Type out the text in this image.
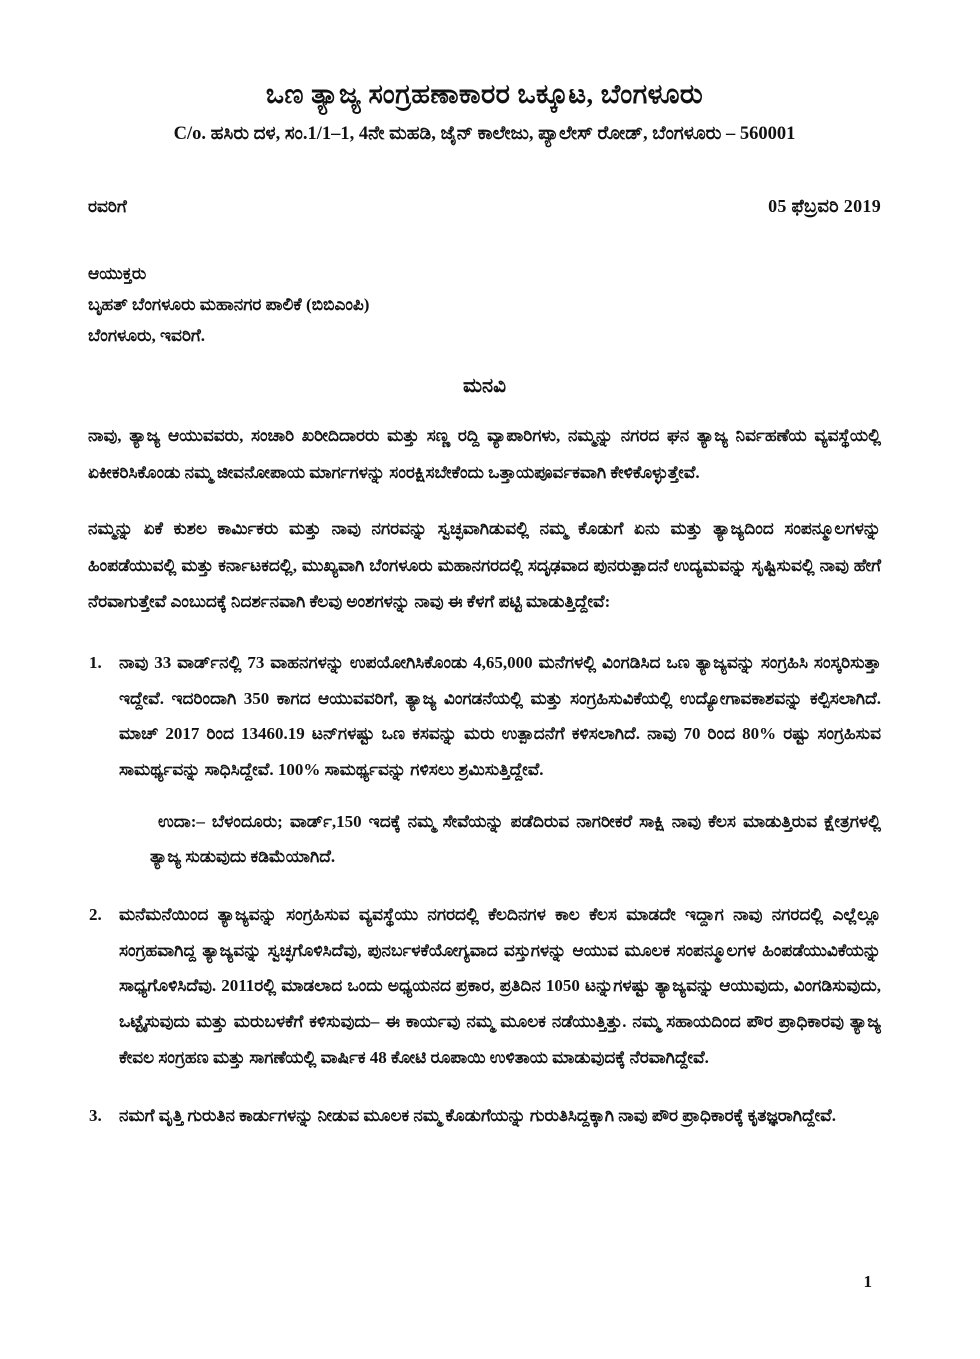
ಒಣ ತ್ಯಾಜ್ಯ ಸಂಗ್ರಹಣಾಕಾರರ ಒಕ್ಕೂಟ, ಬೆಂಗಳೂರು
C/o. ಹಸಿರು ದಳ, ಸಂ.1/1–1, 4ನೇ ಮಹಡಿ, ಜೈನ್ ಕಾಲೇಜು, ಪ್ಯಾಲೇಸ್ ರೋಡ್, ಬೆಂಗಳೂರು – 560001
ರವರಿಗೆ	05 ಫೆಬ್ರವರಿ 2019
ಆಯುಕ್ತರು
ಬೃಹತ್ ಬೆಂಗಳೂರು ಮಹಾನಗರ ಪಾಲಿಕೆ (ಬಿಬಿಎಂಪಿ)
ಬೆಂಗಳೂರು, ಇವರಿಗೆ.
ಮನವಿ
ನಾವು, ತ್ಯಾಜ್ಯ ಆಯುವವರು, ಸಂಚಾರಿ ಖರೀದಿದಾರರು ಮತ್ತು ಸಣ್ಣ ರದ್ದಿ ವ್ಯಾಪಾರಿಗಳು, ನಮ್ಮನ್ನು ನಗರದ ಘನ ತ್ಯಾಜ್ಯ ನಿರ್ವಹಣೆಯ ವ್ಯವಸ್ಥೆಯಲ್ಲಿ ಏಕೀಕರಿಸಿಕೊಂಡು ನಮ್ಮ ಜೀವನೋಪಾಯ ಮಾರ್ಗಗಳನ್ನು ಸಂರಕ್ಷಿಸಬೇಕೆಂದು ಒತ್ತಾಯಪೂರ್ವಕವಾಗಿ ಕೇಳಿಕೊಳ್ಳುತ್ತೇವೆ.
ನಮ್ಮನ್ನು ಏಕೆ ಕುಶಲ ಕಾರ್ಮಿಕರು ಮತ್ತು ನಾವು ನಗರವನ್ನು ಸ್ವಚ್ಛವಾಗಿಡುವಲ್ಲಿ ನಮ್ಮ ಕೊಡುಗೆ ಏನು ಮತ್ತು ತ್ಯಾಜ್ಯದಿಂದ ಸಂಪನ್ಮೂಲಗಳನ್ನು ಹಿಂಪಡೆಯುವಲ್ಲಿ ಮತ್ತು ಕರ್ನಾಟಕದಲ್ಲಿ, ಮುಖ್ಯವಾಗಿ ಬೆಂಗಳೂರು ಮಹಾನಗರದಲ್ಲಿ ಸದೃಢವಾದ ಪುನರುತ್ಪಾದನೆ ಉದ್ಯಮವನ್ನು ಸೃಷ್ಟಿಸುವಲ್ಲಿ ನಾವು ಹೇಗೆ ನೆರವಾಗುತ್ತೇವೆ ಎಂಬುದಕ್ಕೆ ನಿದರ್ಶನವಾಗಿ ಕೆಲವು ಅಂಶಗಳನ್ನು ನಾವು ಈ ಕೆಳಗೆ ಪಟ್ಟಿ ಮಾಡುತ್ತಿದ್ದೇವೆ:
1.	ನಾವು 33 ವಾರ್ಡ್‌ನಲ್ಲಿ 73 ವಾಹನಗಳನ್ನು ಉಪಯೋಗಿಸಿಕೊಂಡು 4,65,000 ಮನೆಗಳಲ್ಲಿ ವಿಂಗಡಿಸಿದ ಒಣ ತ್ಯಾಜ್ಯವನ್ನು ಸಂಗ್ರಹಿಸಿ ಸಂಸ್ಕರಿಸುತ್ತಾ ಇದ್ದೇವೆ. ಇದರಿಂದಾಗಿ 350 ಕಾಗದ ಆಯುವವರಿಗೆ, ತ್ಯಾಜ್ಯ ವಿಂಗಡನೆಯಲ್ಲಿ ಮತ್ತು ಸಂಗ್ರಹಿಸುವಿಕೆಯಲ್ಲಿ ಉದ್ಯೋಗಾವಕಾಶವನ್ನು ಕಲ್ಪಿಸಲಾಗಿದೆ. ಮಾಚ್ 2017 ರಿಂದ 13460.19 ಟನ್‌ಗಳಷ್ಟು ಒಣ ಕಸವನ್ನು ಮರು ಉತ್ಪಾದನೆಗೆ ಕಳಿಸಲಾಗಿದೆ. ನಾವು 70 ರಿಂದ 80% ರಷ್ಟು ಸಂಗ್ರಹಿಸುವ ಸಾಮರ್ಥ್ಯವನ್ನು ಸಾಧಿಸಿದ್ದೇವೆ. 100% ಸಾಮರ್ಥ್ಯವನ್ನು ಗಳಿಸಲು ಶ್ರಮಿಸುತ್ತಿದ್ದೇವೆ.
ಉದಾ:– ಬೆಳಂದೂರು; ವಾರ್ಡ್,150 ಇದಕ್ಕೆ ನಮ್ಮ ಸೇವೆಯನ್ನು ಪಡೆದಿರುವ ನಾಗರೀಕರೆ ಸಾಕ್ಷಿ ನಾವು ಕೆಲಸ ಮಾಡುತ್ತಿರುವ ಕ್ಷೇತ್ರಗಳಲ್ಲಿ ತ್ಯಾಜ್ಯ ಸುಡುವುದು ಕಡಿಮೆಯಾಗಿದೆ.
2.	ಮನೆಮನೆಯಿಂದ ತ್ಯಾಜ್ಯವನ್ನು ಸಂಗ್ರಹಿಸುವ ವ್ಯವಸ್ಥೆಯು ನಗರದಲ್ಲಿ ಕೆಲದಿನಗಳ ಕಾಲ ಕೆಲಸ ಮಾಡದೇ ಇದ್ದಾಗ ನಾವು ನಗರದಲ್ಲಿ ಎಲ್ಲೆಲ್ಲೂ ಸಂಗ್ರಹವಾಗಿದ್ದ ತ್ಯಾಜ್ಯವನ್ನು ಸ್ವಚ್ಛಗೊಳಿಸಿದೆವು, ಪುನರ್ಬಳಕೆಯೋಗ್ಯವಾದ ವಸ್ತುಗಳನ್ನು ಆಯುವ ಮೂಲಕ ಸಂಪನ್ಮೂಲಗಳ ಹಿಂಪಡೆಯುವಿಕೆಯನ್ನು ಸಾಧ್ಯಗೊಳಿಸಿದೆವು. 2011ರಲ್ಲಿ ಮಾಡಲಾದ ಒಂದು ಅಧ್ಯಯನದ ಪ್ರಕಾರ, ಪ್ರತಿದಿನ 1050 ಟನ್ನುಗಳಷ್ಟು ತ್ಯಾಜ್ಯವನ್ನು ಆಯುವುದು, ವಿಂಗಡಿಸುವುದು, ಒಟ್ಟೈಸುವುದು ಮತ್ತು ಮರುಬಳಕೆಗೆ ಕಳಿಸುವುದು– ಈ ಕಾರ್ಯವು ನಮ್ಮ ಮೂಲಕ ನಡೆಯುತ್ತಿತ್ತು. ನಮ್ಮ ಸಹಾಯದಿಂದ ಪೌರ ಪ್ರಾಧಿಕಾರವು ತ್ಯಾಜ್ಯ ಕೇವಲ ಸಂಗ್ರಹಣ ಮತ್ತು ಸಾಗಣೆಯಲ್ಲಿ ವಾರ್ಷಿಕ 48 ಕೋಟಿ ರೂಪಾಯಿ ಉಳಿತಾಯ ಮಾಡುವುದಕ್ಕೆ ನೆರವಾಗಿದ್ದೇವೆ.
3.	ನಮಗೆ ವೃತ್ತಿ ಗುರುತಿನ ಕಾರ್ಡುಗಳನ್ನು ನೀಡುವ ಮೂಲಕ ನಮ್ಮ ಕೊಡುಗೆಯನ್ನು ಗುರುತಿಸಿದ್ದಕ್ಕಾಗಿ ನಾವು ಪೌರ ಪ್ರಾಧಿಕಾರಕ್ಕೆ ಕೃತಜ್ಞರಾಗಿದ್ದೇವೆ.
1
